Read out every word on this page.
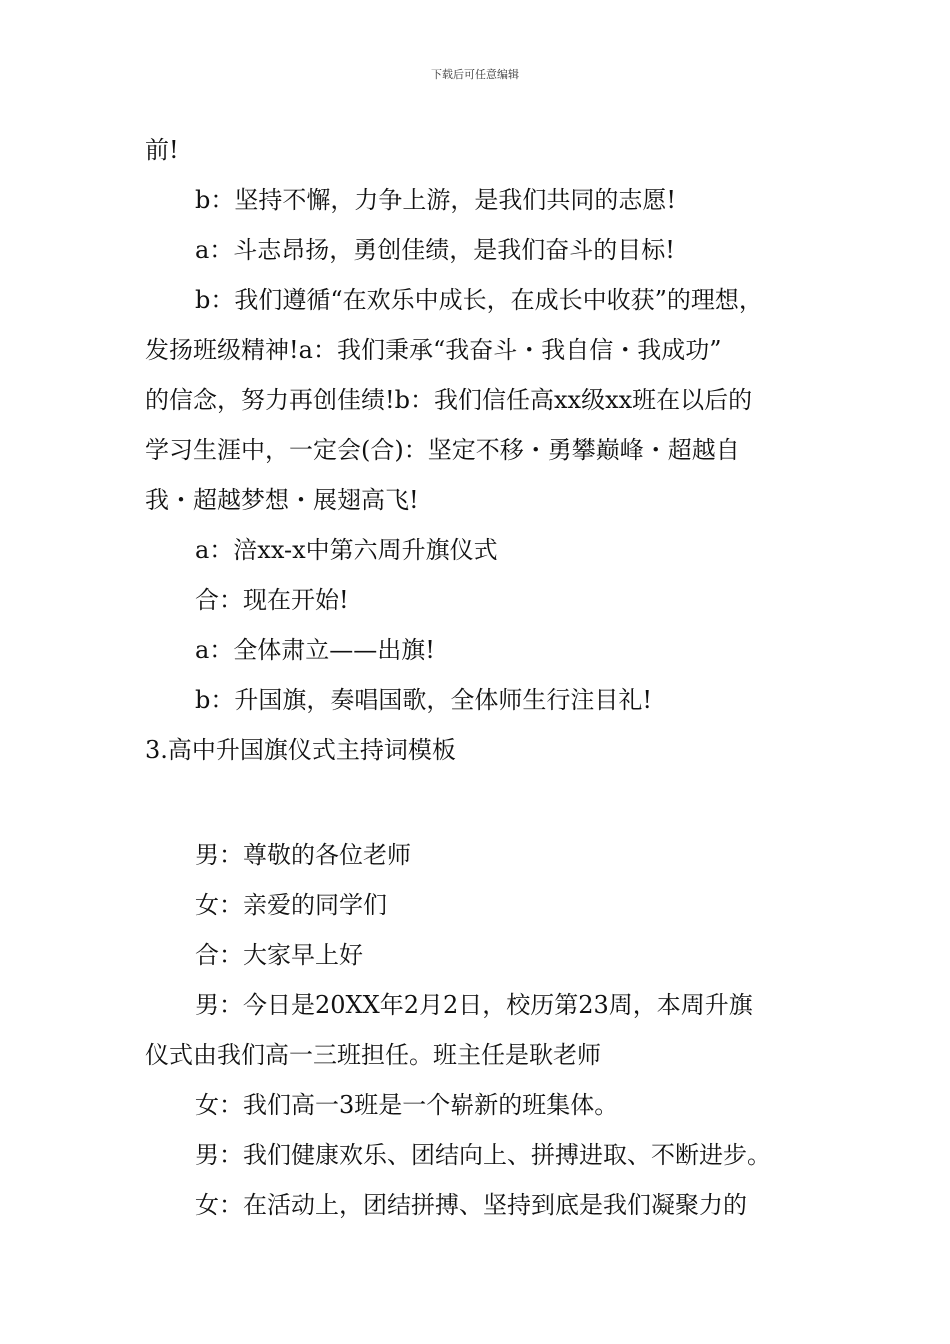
下载后可任意编辑
前!
b：坚持不懈，力争上游，是我们共同的志愿!
a：斗志昂扬，勇创佳绩，是我们奋斗的目标!
b：我们遵循“在欢乐中成长，在成长中收获”的理想，
发扬班级精神!a：我们秉承“我奋斗・我自信・我成功”
的信念，努力再创佳绩!b：我们信任高xx级xx班在以后的
学习生涯中，一定会(合)：坚定不移・勇攀巅峰・超越自
我・超越梦想・展翅高飞!
a：涪xx-x中第六周升旗仪式
合：现在开始!
a：全体肃立——出旗!
b：升国旗，奏唱国歌，全体师生行注目礼!
3.高中升国旗仪式主持词模板
男：尊敬的各位老师
女：亲爱的同学们
合：大家早上好
男：今日是20XX年2月2日，校历第23周，本周升旗
仪式由我们高一三班担任。班主任是耿老师
女：我们高一3班是一个崭新的班集体。
男：我们健康欢乐、团结向上、拼搏进取、不断进步。
女：在活动上，团结拼搏、坚持到底是我们凝聚力的
